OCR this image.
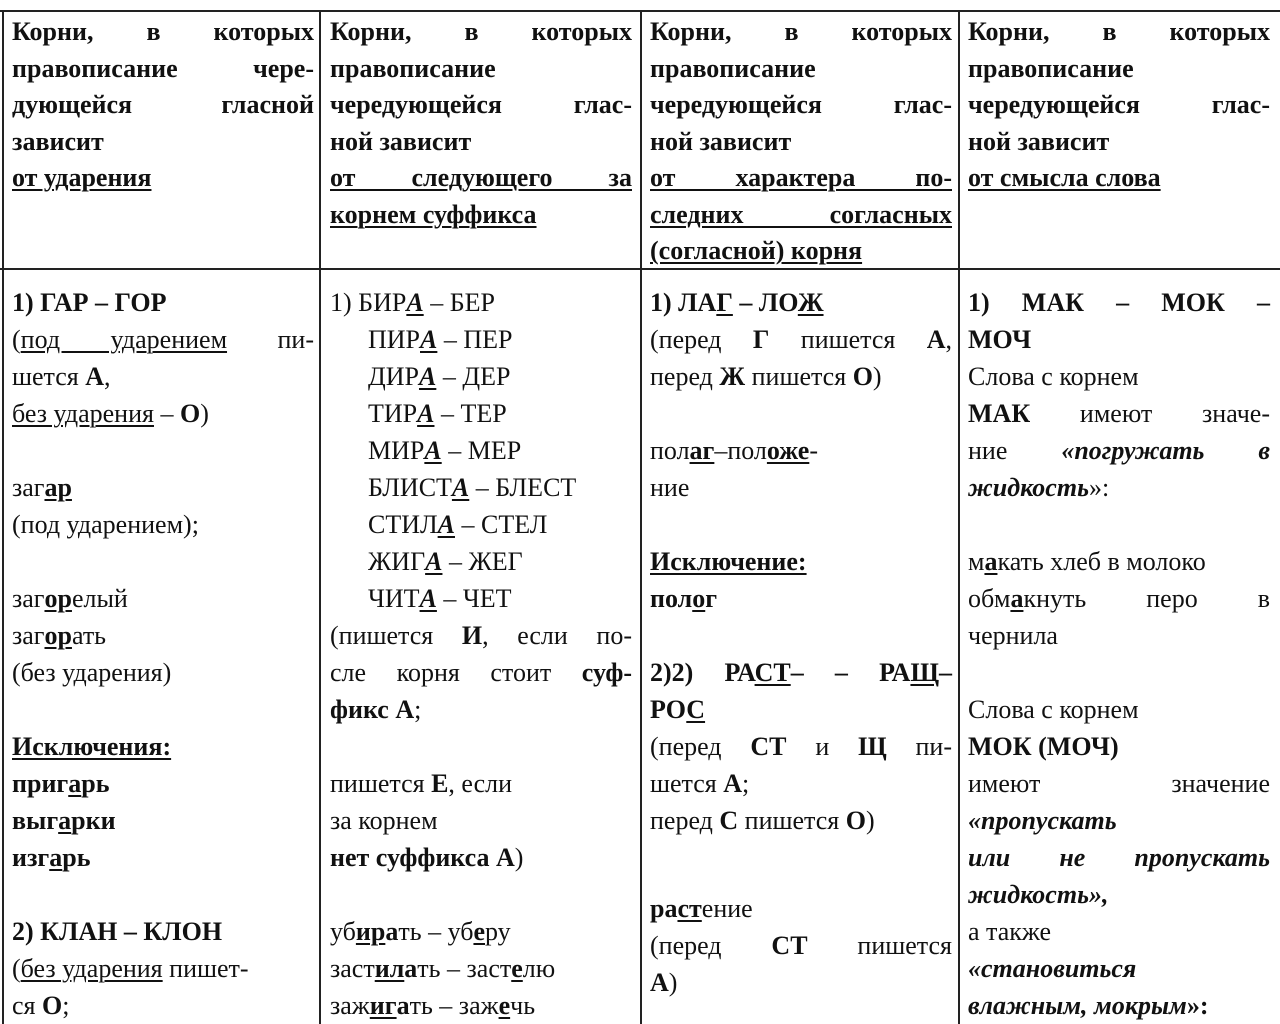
Корни, в которых
правописание чере-
дующейся гласной
зависит
от ударения
Корни, в которых
правописание
чередующейся глас-
ной зависит
от следующего за
корнем суффикса
Корни, в которых
правописание
чередующейся глас-
ной зависит
от характера по-
следних согласных
(согласной) корня
Корни, в которых
правописание
чередующейся глас-
ной зависит
от смысла слова
1) ГАР – ГОР
(под ударением пи-
шется А,
без ударения – О)
загар
(под ударением);
загорелый
загорать
(без ударения)
Исключения:
пригарь
выгарки
изгарь
2) КЛАН – КЛОН
(без ударения пишет-
ся О;
1) БИРА – БЕР
ПИРА – ПЕР
ДИРА – ДЕР
ТИРА – ТЕР
МИРА – МЕР
БЛИСТА – БЛЕСТ
СТИЛА – СТЕЛ
ЖИГА – ЖЕГ
ЧИТА – ЧЕТ
(пишется И, если по-
сле корня стоит суф-
фикс А;
пишется Е, если
за корнем
нет суффикса А)
убирать – уберу
застилать – застелю
зажигать – зажечь
1) ЛАГ – ЛОЖ
(перед Г пишется А,
перед Ж пишется О)
полаг–положе-
ние
Исключение:
полог
2)2) РАСТ– – РАЩ–
РОС
(перед СТ и Щ пи-
шется А;
перед С пишется О)
растение
(перед СТ пишется
А)
1) МАК – МОК –
МОЧ
Слова с корнем
МАК имеют значе-
ние «погружать в
жидкость»:
макать хлеб в молоко
обмакнуть перо в
чернила
Слова с корнем
МОК (МОЧ)
имеют значение
«пропускать
или не пропускать
жидкость»,
а также
«становиться
влажным, мокрым»:
